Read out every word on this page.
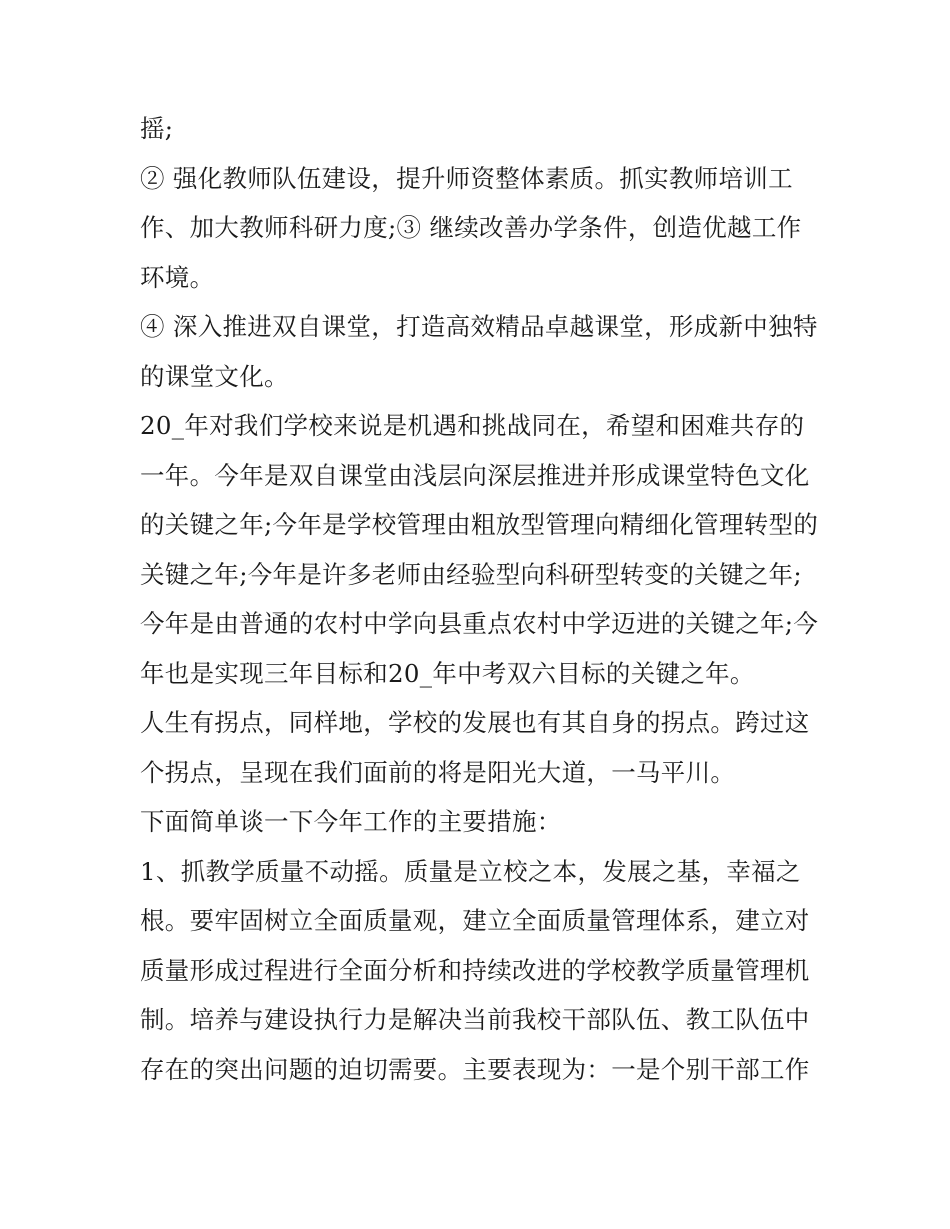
摇;

② 强化教师队伍建设，提升师资整体素质。抓实教师培训工作、加大教师科研力度;③ 继续改善办学条件，创造优越工作环境。

④ 深入推进双自课堂，打造高效精品卓越课堂，形成新中独特的课堂文化。

20_年对我们学校来说是机遇和挑战同在，希望和困难共存的一年。今年是双自课堂由浅层向深层推进并形成课堂特色文化的关键之年;今年是学校管理由粗放型管理向精细化管理转型的关键之年;今年是许多老师由经验型向科研型转变的关键之年;今年是由普通的农村中学向县重点农村中学迈进的关键之年;今年也是实现三年目标和20_年中考双六目标的关键之年。

人生有拐点，同样地，学校的发展也有其自身的拐点。跨过这个拐点，呈现在我们面前的将是阳光大道，一马平川。

下面简单谈一下今年工作的主要措施：

1、抓教学质量不动摇。质量是立校之本，发展之基，幸福之根。要牢固树立全面质量观，建立全面质量管理体系，建立对质量形成过程进行全面分析和持续改进的学校教学质量管理机制。培养与建设执行力是解决当前我校干部队伍、教工队伍中存在的突出问题的迫切需要。主要表现为：一是个别干部工作
